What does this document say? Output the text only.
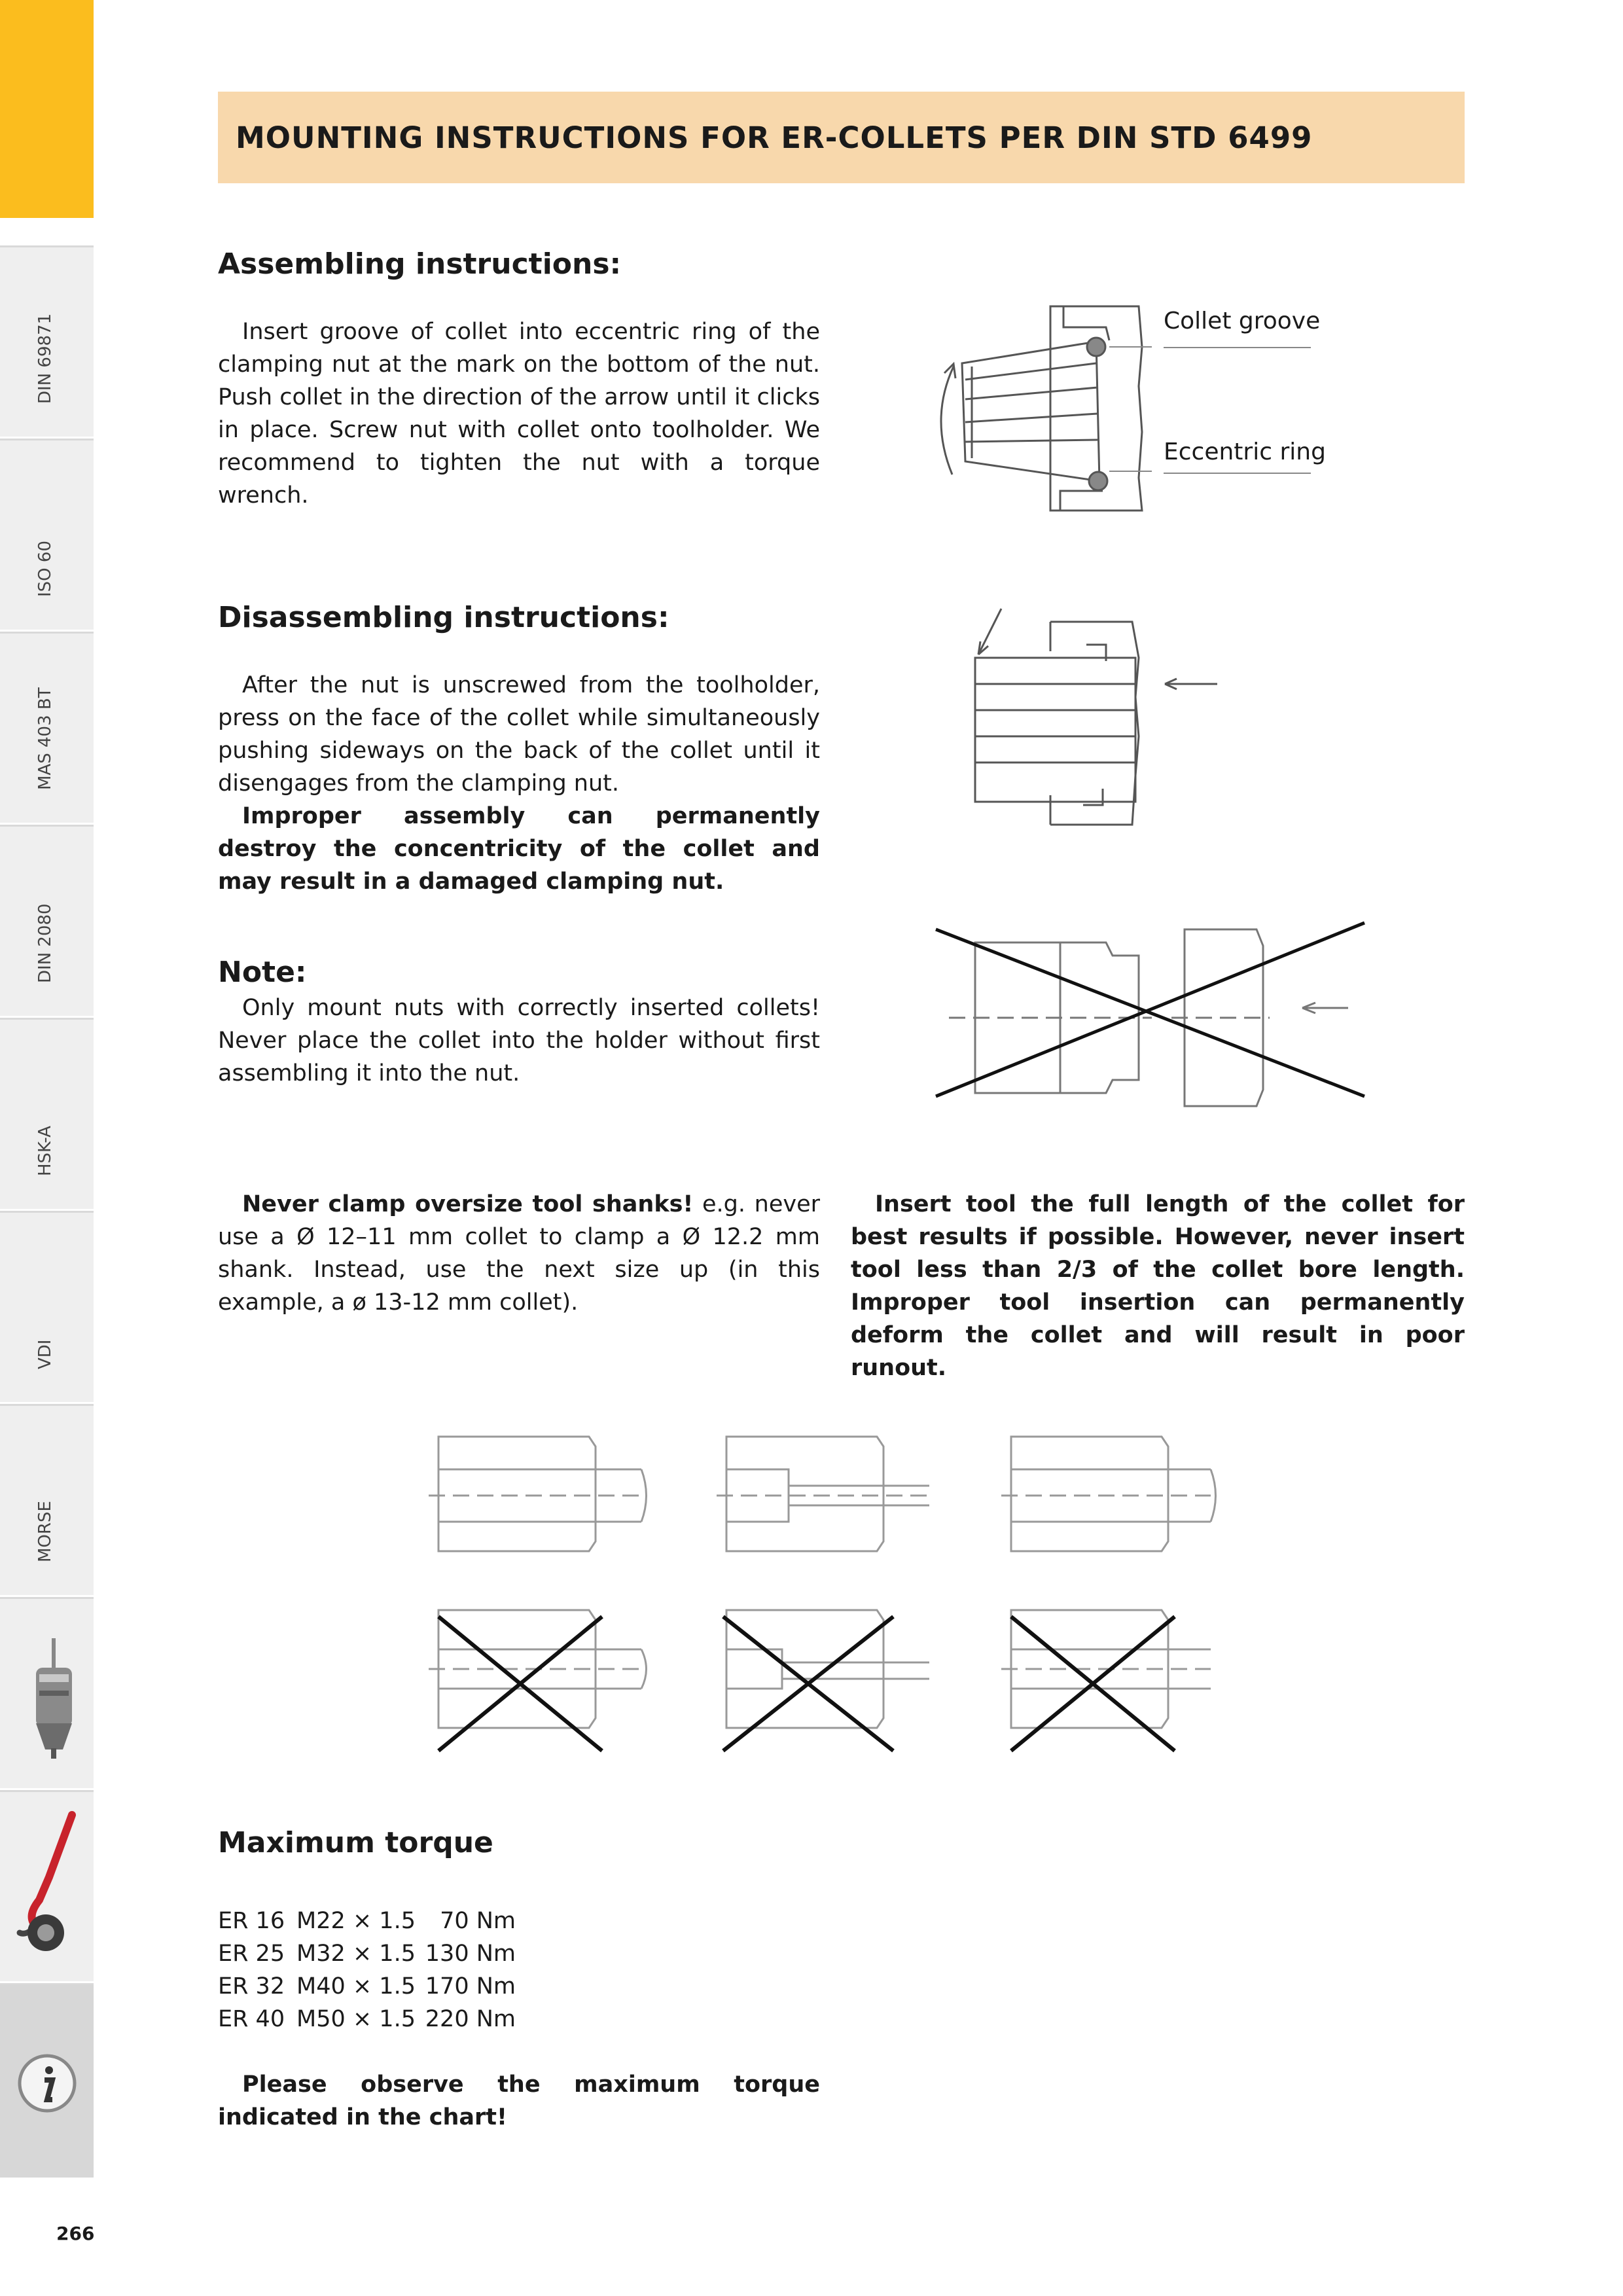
DIN 69871
ISO 60
MAS 403 BT
DIN 2080
HSK-A
VDI
MORSE
266
MOUNTING INSTRUCTIONS FOR ER-COLLETS PER DIN STD 6499
Assembling instructions:

Insert groove of collet into eccentric ring of the clamping nut at the mark on the bottom of the nut. Push collet in the direction of the arrow until it clicks in place. Screw nut with collet onto toolholder. We recommend to tighten the nut with a torque wrench.

Collet groove
Eccentric ring
Disassembling instructions:

After the nut is unscrewed from the toolholder, press on the face of the collet while simultaneously pushing sideways on the back of the collet until it disengages from the clamping nut.

Improper assembly can permanently destroy the concentricity of the collet and may result in a damaged clamping nut.

Note:

Only mount nuts with correctly inserted collets! Never place the collet into the holder without first assembling it into the nut.

Never clamp oversize tool shanks! e.g. never use a Ø 12–11 mm collet to clamp a Ø 12.2 mm shank. Instead, use the next size up (in this example, a ø 13-12 mm collet).

Insert tool the full length of the collet for best results if possible. However, never insert tool less than 2/3 of the collet bore length. Improper tool insertion can permanently deform the collet and will result in poor runout.

Maximum torque
ER 16 M22 × 1.5	70 Nm
ER 25 M32 × 1.5 130 Nm
ER 32 M40 × 1.5 170 Nm
ER 40 M50 × 1.5 220 Nm

Please observe the maximum torque indicated in the chart!
